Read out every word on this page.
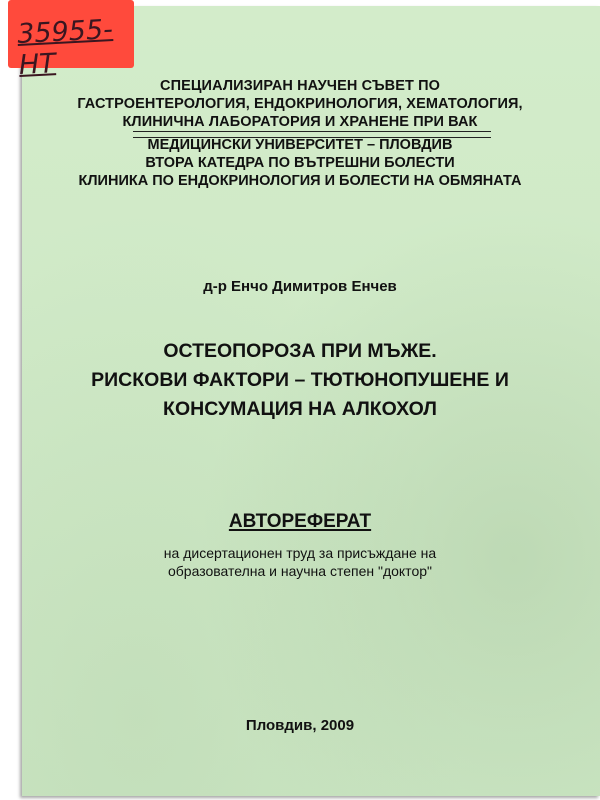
35955-НТ
СПЕЦИАЛИЗИРАН НАУЧЕН СЪВЕТ ПО
ГАСТРОЕНТЕРОЛОГИЯ, ЕНДОКРИНОЛОГИЯ, ХЕМАТОЛОГИЯ,
КЛИНИЧНА ЛАБОРАТОРИЯ И ХРАНЕНЕ ПРИ ВАК
МЕДИЦИНСКИ УНИВЕРСИТЕТ – ПЛОВДИВ
ВТОРА КАТЕДРА ПО ВЪТРЕШНИ БОЛЕСТИ
КЛИНИКА ПО ЕНДОКРИНОЛОГИЯ И БОЛЕСТИ НА ОБМЯНАТА
д-р Енчо Димитров Енчев
ОСТЕОПОРОЗА ПРИ МЪЖЕ.
РИСКОВИ ФАКТОРИ – ТЮТЮНОПУШЕНЕ И
КОНСУМАЦИЯ НА АЛКОХОЛ
АВТОРЕФЕРАТ
на дисертационен труд за присъждане на
образователна и научна степен "доктор"
Пловдив, 2009
